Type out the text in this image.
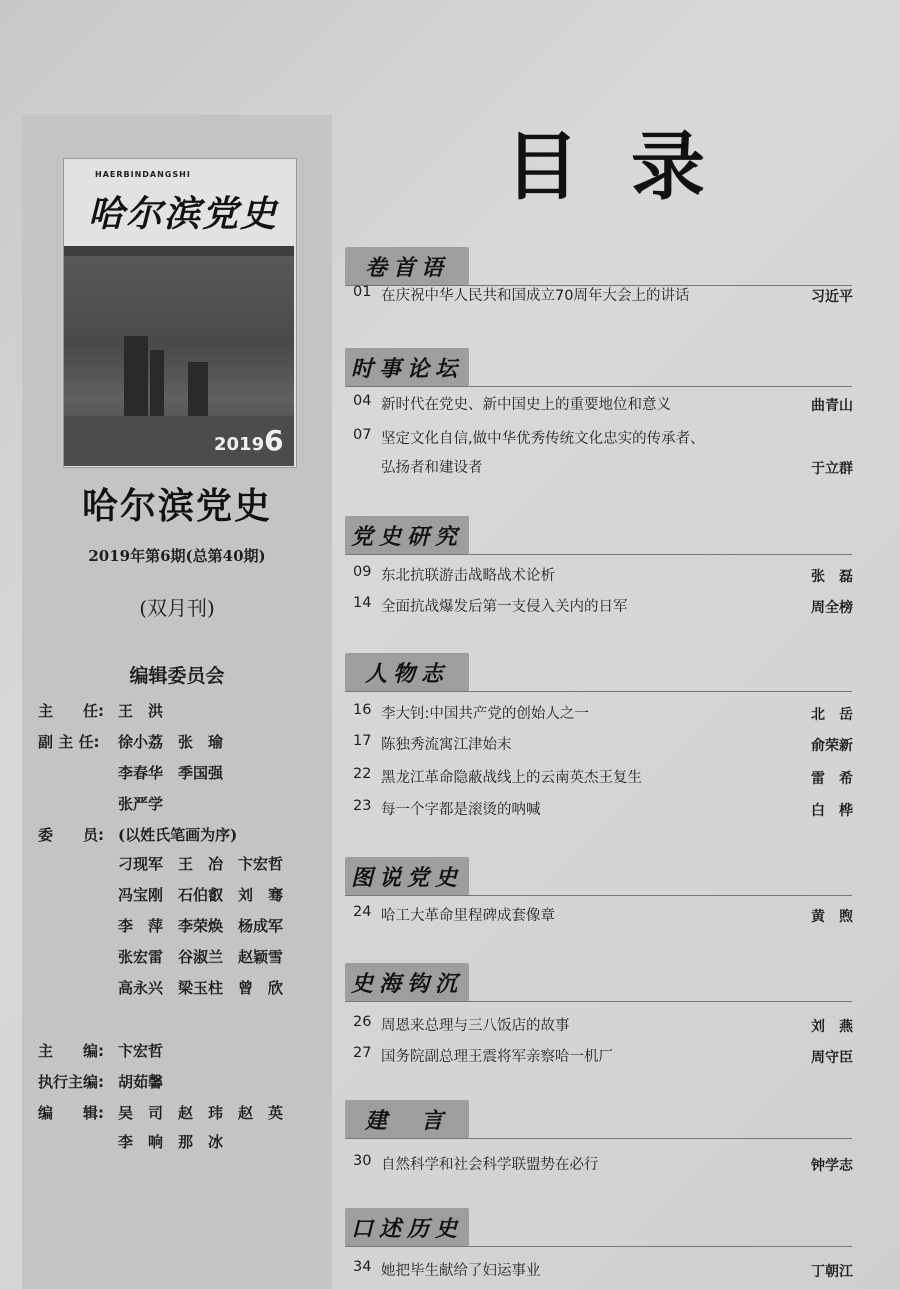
HAERBINDANGSHI
哈尔滨党史
20196
哈尔滨党史
2019年第6期(总第40期)
(双月刊)
编辑委员会
主　　任: 王　洪
副 主 任: 徐小荔　张　瑜
李春华　季国强
张严学
委　　员: (以姓氏笔画为序)
刁现军　王　冶　卞宏哲
冯宝刚　石伯叡　刘　骞
李　萍　李荣焕　杨成军
张宏雷　谷淑兰　赵颖雪
高永兴　梁玉柱　曾　欣
主　　编: 卞宏哲
执行主编: 胡茹馨
编　　辑: 吴　司　赵　玮　赵　英
李　响　那　冰
目录
卷首语
01 在庆祝中华人民共和国成立70周年大会上的讲话	习近平
时事论坛
04 新时代在党史、新中国史上的重要地位和意义	曲青山
07 坚定文化自信,做中华优秀传统文化忠实的传承者、
弘扬者和建设者	于立群
党史研究
09 东北抗联游击战略战术论析	张　磊
14 全面抗战爆发后第一支侵入关内的日军	周全榜
人物志
16 李大钊:中国共产党的创始人之一	北　岳
17 陈独秀流寓江津始末	俞荣新
22 黑龙江革命隐蔽战线上的云南英杰王复生	雷　希
23 每一个字都是滚烫的呐喊	白　桦
图说党史
24 哈工大革命里程碑成套像章	黄　煦
史海钩沉
26 周恩来总理与三八饭店的故事	刘　燕
27 国务院副总理王震将军亲察哈一机厂	周守臣
建　言
30 自然科学和社会科学联盟势在必行	钟学志
口述历史
34 她把毕生献给了妇运事业	丁朝江
